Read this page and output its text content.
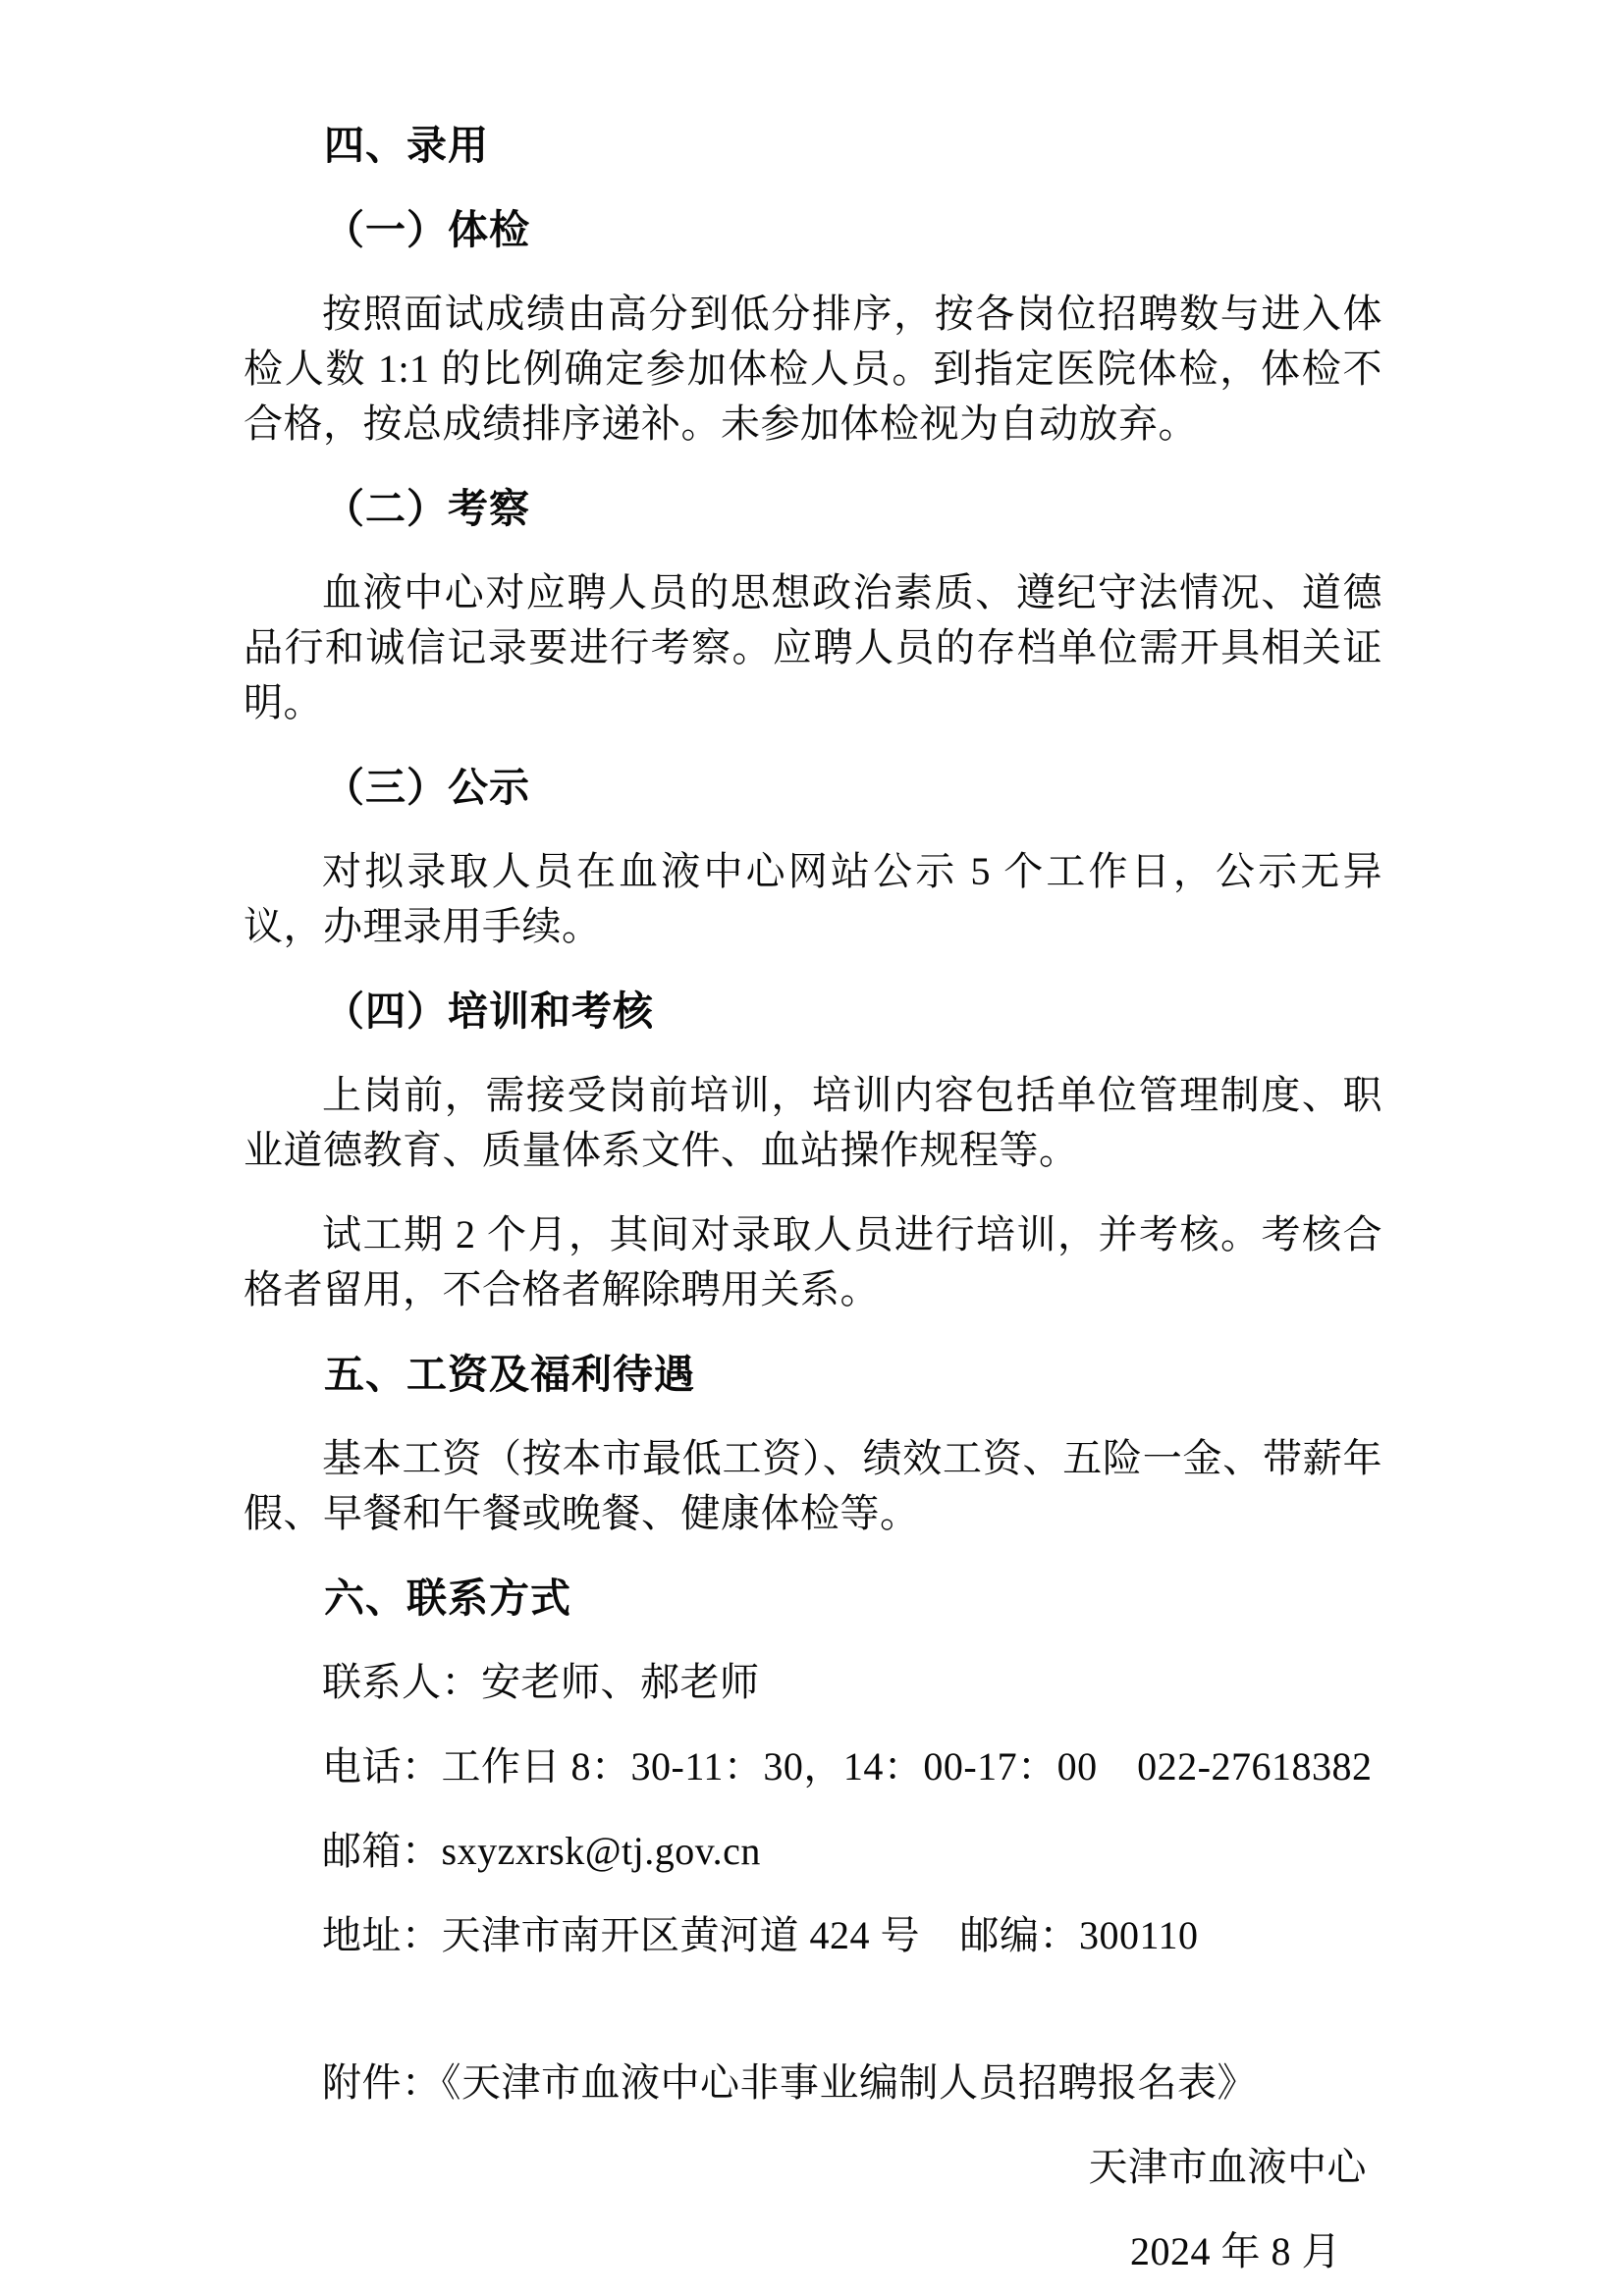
四、录用
（一）体检
按照面试成绩由高分到低分排序，按各岗位招聘数与进入体检人数 1:1 的比例确定参加体检人员。到指定医院体检，体检不合格，按总成绩排序递补。未参加体检视为自动放弃。
（二）考察
血液中心对应聘人员的思想政治素质、遵纪守法情况、道德品行和诚信记录要进行考察。应聘人员的存档单位需开具相关证明。
（三）公示
对拟录取人员在血液中心网站公示 5 个工作日，公示无异议，办理录用手续。
（四）培训和考核
上岗前，需接受岗前培训，培训内容包括单位管理制度、职业道德教育、质量体系文件、血站操作规程等。
试工期 2 个月，其间对录取人员进行培训，并考核。考核合格者留用，不合格者解除聘用关系。
五、工资及福利待遇
基本工资（按本市最低工资）、绩效工资、五险一金、带薪年假、早餐和午餐或晚餐、健康体检等。
六、联系方式
联系人：安老师、郝老师
电话：工作日 8：30-11：30，14：00-17：00　022-27618382
邮箱：sxyzxrsk@tj.gov.cn
地址：天津市南开区黄河道 424 号　邮编：300110
附件：《天津市血液中心非事业编制人员招聘报名表》
天津市血液中心
2024 年 8 月
